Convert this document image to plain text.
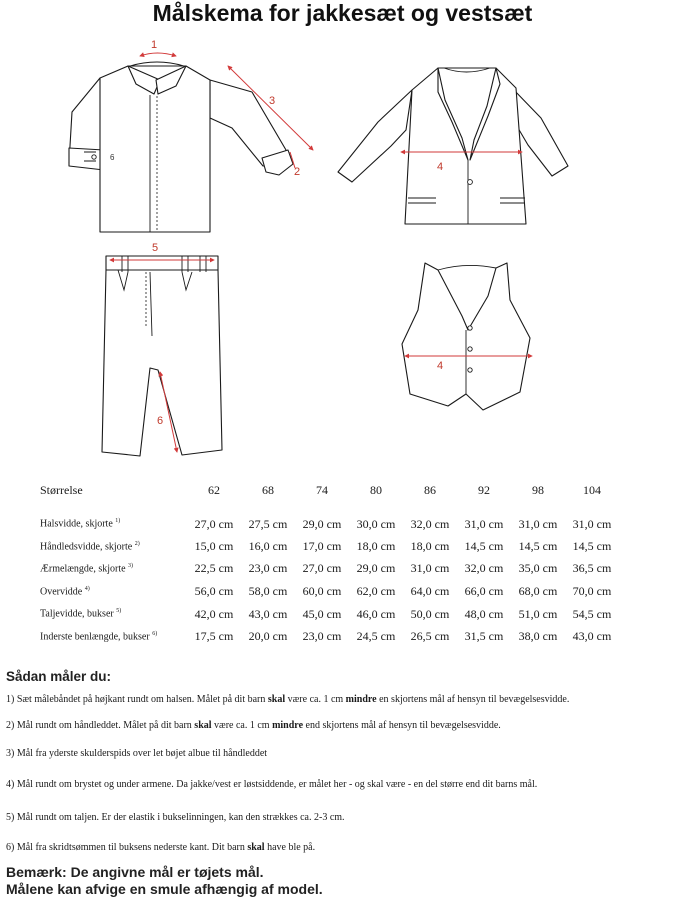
Målskema for jakkesæt og vestsæt
1
3
2
6
4
5
6
4
Størrelse	62	68	74	80	86	92	98	104
Halsvidde, skjorte $^{1)}$	27,0 cm	27,5 cm	29,0 cm	30,0 cm	32,0 cm	31,0 cm	31,0 cm	31,0 cm
Håndledsvidde, skjorte $^{2)}$	15,0 cm	16,0 cm	17,0 cm	18,0 cm	18,0 cm	14,5 cm	14,5 cm	14,5 cm
Ærmelængde, skjorte $^{3)}$	22,5 cm	23,0 cm	27,0 cm	29,0 cm	31,0 cm	32,0 cm	35,0 cm	36,5 cm
Overvidde $^{4)}$	56,0 cm	58,0 cm	60,0 cm	62,0 cm	64,0 cm	66,0 cm	68,0 cm	70,0 cm
Taljevidde, bukser $^{5)}$	42,0 cm	43,0 cm	45,0 cm	46,0 cm	50,0 cm	48,0 cm	51,0 cm	54,5 cm
Inderste benlængde, bukser $^{6)}$	17,5 cm	20,0 cm	23,0 cm	24,5 cm	26,5 cm	31,5 cm	38,0 cm	43,0 cm
Sådan måler du:
1) Sæt målebåndet på højkant rundt om halsen. Målet på dit barn skal være ca. 1 cm mindre en skjortens mål af hensyn til bevægelsesvidde.
2) Mål rundt om håndleddet. Målet på dit barn skal være ca. 1 cm mindre end skjortens mål af hensyn til bevægelsesvidde.
3) Mål fra yderste skulderspids over let bøjet albue til håndleddet
4) Mål rundt om brystet og under armene. Da jakke/vest er løstsiddende, er målet her - og skal være - en del større end dit barns mål.
5) Mål rundt om taljen. Er der elastik i bukselinningen, kan den strækkes ca. 2-3 cm.
6) Mål fra skridtsømmen til buksens nederste kant. Dit barn skal have ble på.
Bemærk: De angivne mål er tøjets mål.
Målene kan afvige en smule afhængig af model.
